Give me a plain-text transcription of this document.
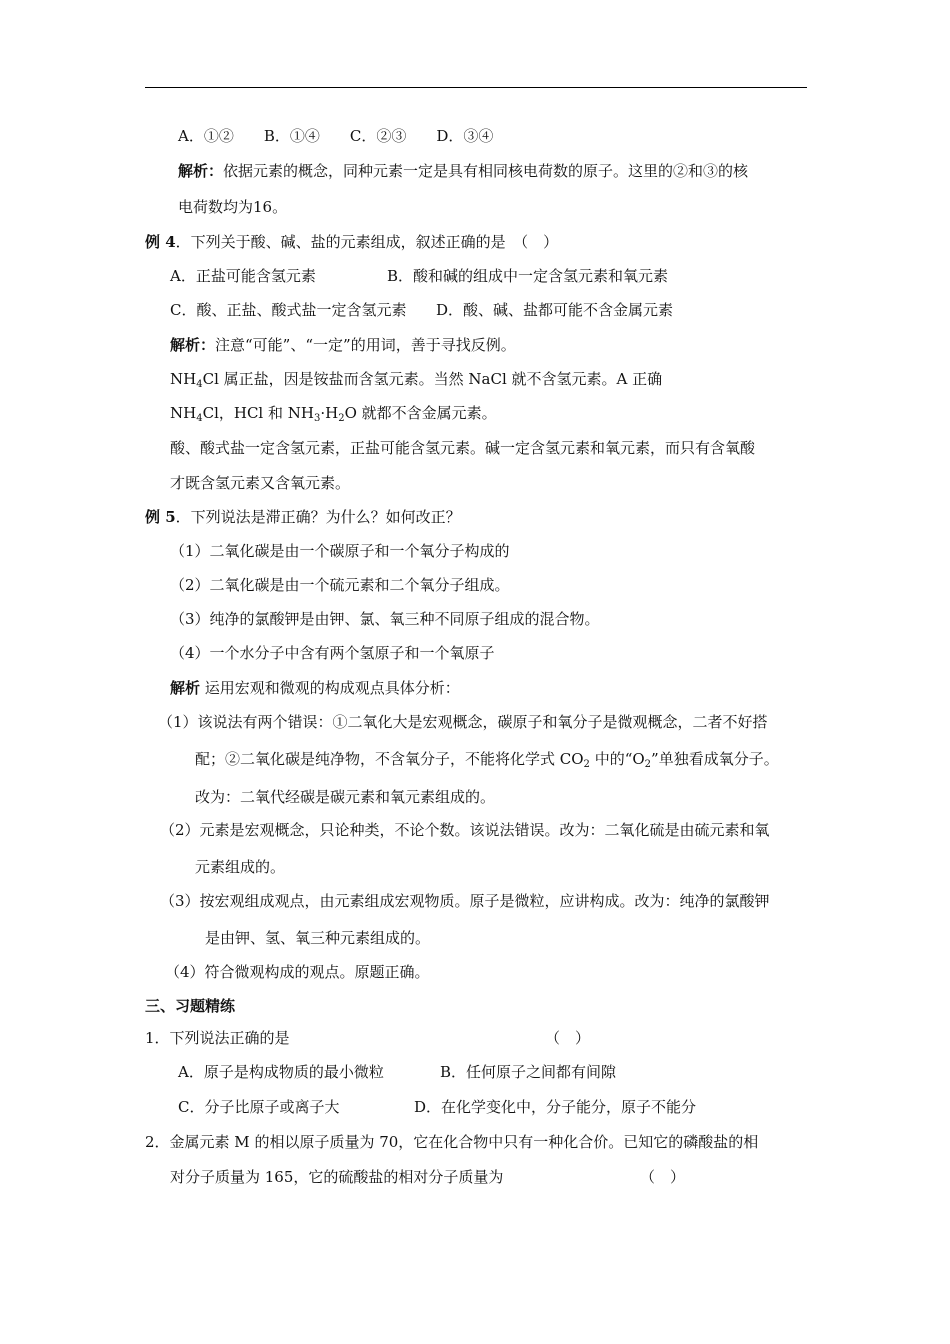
A．①②　　B．①④　　C．②③　　D．③④
解析：依据元素的概念，同种元素一定是具有相同核电荷数的原子。这里的②和③的核
电荷数均为16。
例 4．下列关于酸、碱、盐的元素组成，叙述正确的是　（　）
A．正盐可能含氢元素	B．酸和碱的组成中一定含氢元素和氧元素
C．酸、正盐、酸式盐一定含氢元素 D．酸、碱、盐都可能不含金属元素
解析：注意“可能”、“一定”的用词，善于寻找反例。
$NH_4Cl$ 属正盐，因是铵盐而含氢元素。当然 NaCl 就不含氢元素。A 正确
$NH_4Cl$，HCl 和 $NH_3\cdot H_2O$ 就都不含金属元素。
酸、酸式盐一定含氢元素，正盐可能含氢元素。碱一定含氢元素和氧元素，而只有含氧酸
才既含氢元素又含氧元素。
例 5．下列说法是滞正确？为什么？如何改正？
（1）二氧化碳是由一个碳原子和一个氧分子构成的
（2）二氧化碳是由一个硫元素和二个氧分子组成。
（3）纯净的氯酸钾是由钾、氯、氧三种不同原子组成的混合物。
（4）一个水分子中含有两个氢原子和一个氧原子
解析 运用宏观和微观的构成观点具体分析：
（1）该说法有两个错误：①二氧化大是宏观概念，碳原子和氧分子是微观概念，二者不好搭
配；②二氧化碳是纯净物，不含氧分子，不能将化学式 $CO_2$ 中的“$O_2$”单独看成氧分子。
改为：二氧代经碳是碳元素和氧元素组成的。
（2）元素是宏观概念，只论种类，不论个数。该说法错误。改为：二氧化硫是由硫元素和氧
元素组成的。
（3）按宏观组成观点，由元素组成宏观物质。原子是微粒，应讲构成。改为：纯净的氯酸钾
是由钾、氢、氧三种元素组成的。
（4）符合微观构成的观点。原题正确。
三、习题精练
1．下列说法正确的是	（　）
A．原子是构成物质的最小微粒	B．任何原子之间都有间隙
C．分子比原子或离子大	D．在化学变化中，分子能分，原子不能分
2．金属元素 M 的相以原子质量为 70，它在化合物中只有一种化合价。已知它的磷酸盐的相
对分子质量为 165，它的硫酸盐的相对分子质量为	（　）
